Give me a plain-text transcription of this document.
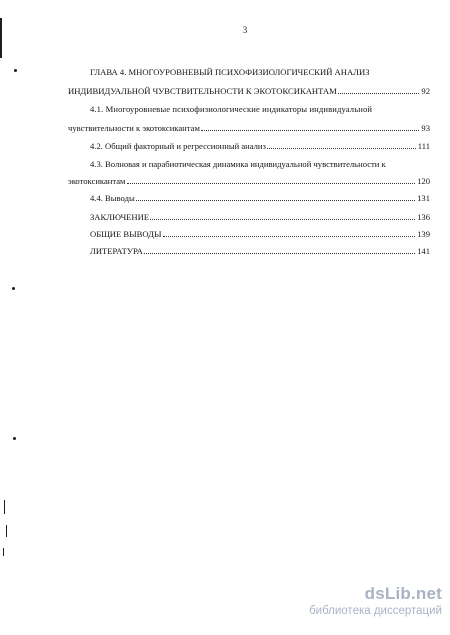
3
ГЛАВА 4. МНОГОУРОВНЕВЫЙ ПСИХОФИЗИОЛОГИЧЕСКИЙ АНАЛИЗ
ИНДИВИДУАЛЬНОЙ ЧУВСТВИТЕЛЬНОСТИ К ЭКОТОКСИКАНТАМ	92
4.1. Многоуровневые психофизиологические индикаторы индивидуальной
чувствительности к экотоксикантам	93
4.2. Общий факторный и регрессионный анализ	111
4.3. Волновая и парабиотическая динамика индивидуальной чувствительности к
экотоксикантам	120
4.4. Выводы	131
ЗАКЛЮЧЕНИЕ	136
ОБЩИЕ ВЫВОДЫ	139
ЛИТЕРАТУРА	141
dsLib.net
библиотека диссертаций
